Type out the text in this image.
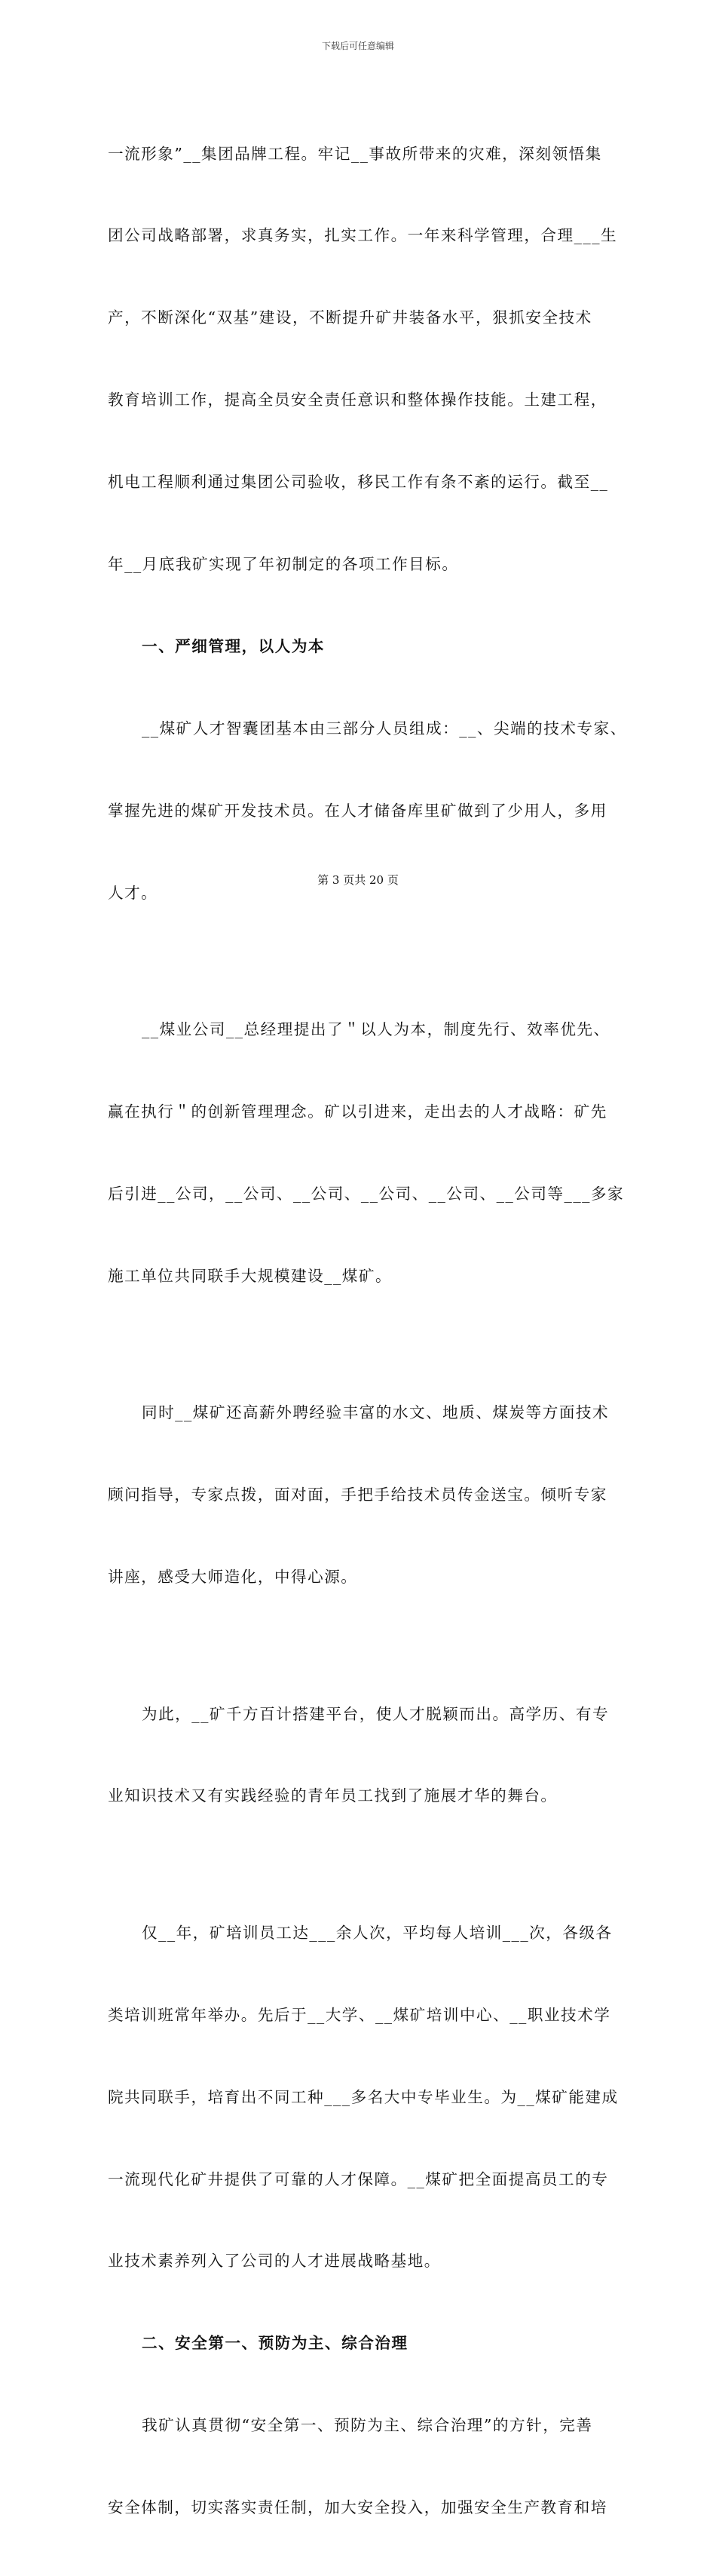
下载后可任意编辑

一流形象”__集团品牌工程。牢记__事故所带来的灾难，深刻领悟集

团公司战略部署，求真务实，扎实工作。一年来科学管理，合理___生

产，不断深化“双基”建设，不断提升矿井装备水平，狠抓安全技术

教育培训工作，提高全员安全责任意识和整体操作技能。土建工程，

机电工程顺利通过集团公司验收，移民工作有条不紊的运行。截至__

年__月底我矿实现了年初制定的各项工作目标。

一、严细管理，以人为本

__煤矿人才智囊团基本由三部分人员组成：__、尖端的技术专家、

掌握先进的煤矿开发技术员。在人才储备库里矿做到了少用人，多用

人才。

__煤业公司__总经理提出了＂以人为本，制度先行、效率优先、

赢在执行＂的创新管理理念。矿以引进来，走出去的人才战略：矿先

后引进__公司，__公司、__公司、__公司、__公司、__公司等___多家

施工单位共同联手大规模建设__煤矿。

同时__煤矿还高薪外聘经验丰富的水文、地质、煤炭等方面技术

顾问指导，专家点拨，面对面，手把手给技术员传金送宝。倾听专家

讲座，感受大师造化，中得心源。

为此，__矿千方百计搭建平台，使人才脱颖而出。高学历、有专

业知识技术又有实践经验的青年员工找到了施展才华的舞台。

仅__年，矿培训员工达___余人次，平均每人培训___次，各级各

类培训班常年举办。先后于__大学、__煤矿培训中心、__职业技术学

院共同联手，培育出不同工种___多名大中专毕业生。为__煤矿能建成

一流现代化矿井提供了可靠的人才保障。__煤矿把全面提高员工的专

业技术素养列入了公司的人才进展战略基地。

二、安全第一、预防为主、综合治理

我矿认真贯彻“安全第一、预防为主、综合治理”的方针，完善

安全体制，切实落实责任制，加大安全投入，加强安全生产教育和培

第 3 页共 20 页
